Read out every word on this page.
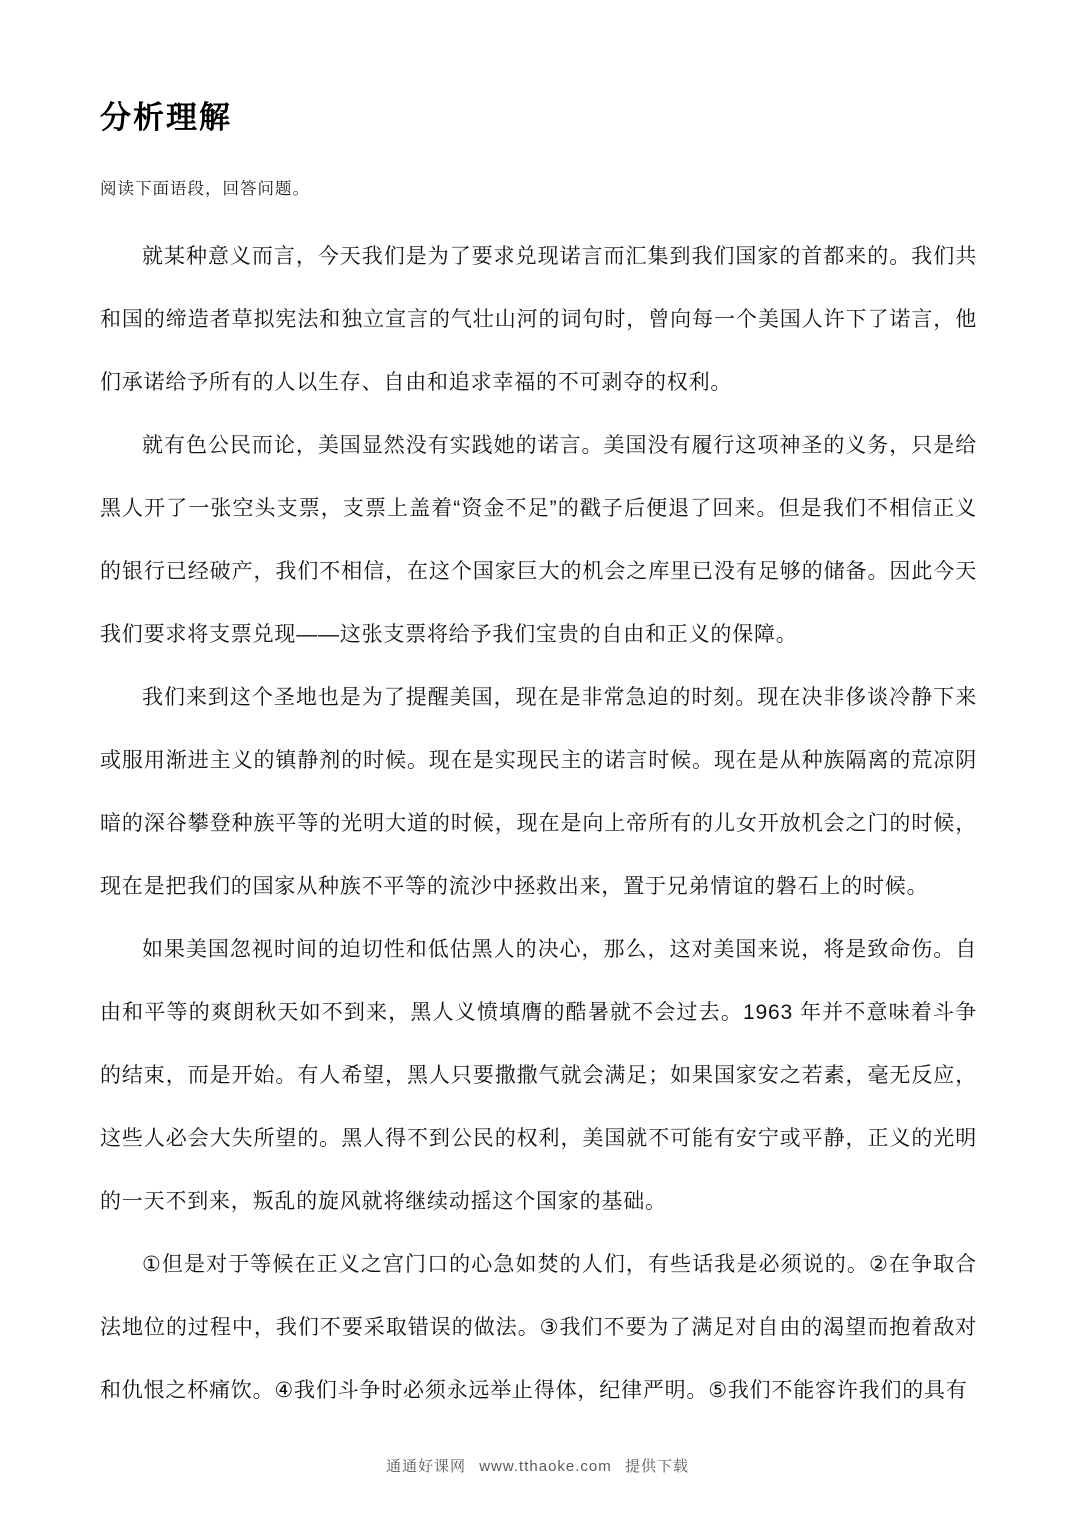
分析理解

阅读下面语段，回答问题。

就某种意义而言，今天我们是为了要求兑现诺言而汇集到我们国家的首都来的。我们共和国的缔造者草拟宪法和独立宣言的气壮山河的词句时，曾向每一个美国人许下了诺言，他们承诺给予所有的人以生存、自由和追求幸福的不可剥夺的权利。

就有色公民而论，美国显然没有实践她的诺言。美国没有履行这项神圣的义务，只是给黑人开了一张空头支票，支票上盖着“资金不足”的戳子后便退了回来。但是我们不相信正义的银行已经破产，我们不相信，在这个国家巨大的机会之库里已没有足够的储备。因此今天我们要求将支票兑现——这张支票将给予我们宝贵的自由和正义的保障。

我们来到这个圣地也是为了提醒美国，现在是非常急迫的时刻。现在决非侈谈冷静下来或服用渐进主义的镇静剂的时候。现在是实现民主的诺言时候。现在是从种族隔离的荒凉阴暗的深谷攀登种族平等的光明大道的时候，现在是向上帝所有的儿女开放机会之门的时候，现在是把我们的国家从种族不平等的流沙中拯救出来，置于兄弟情谊的磐石上的时候。

如果美国忽视时间的迫切性和低估黑人的决心，那么，这对美国来说，将是致命伤。自由和平等的爽朗秋天如不到来，黑人义愤填膺的酷暑就不会过去。1963 年并不意味着斗争的结束，而是开始。有人希望，黑人只要撒撒气就会满足；如果国家安之若素，毫无反应，这些人必会大失所望的。黑人得不到公民的权利，美国就不可能有安宁或平静，正义的光明的一天不到来，叛乱的旋风就将继续动摇这个国家的基础。

①但是对于等候在正义之宫门口的心急如焚的人们，有些话我是必须说的。②在争取合法地位的过程中，我们不要采取错误的做法。③我们不要为了满足对自由的渴望而抱着敌对和仇恨之杯痛饮。④我们斗争时必须永远举止得体，纪律严明。⑤我们不能容许我们的具有

通通好课网 www.tthaoke.com 提供下载
